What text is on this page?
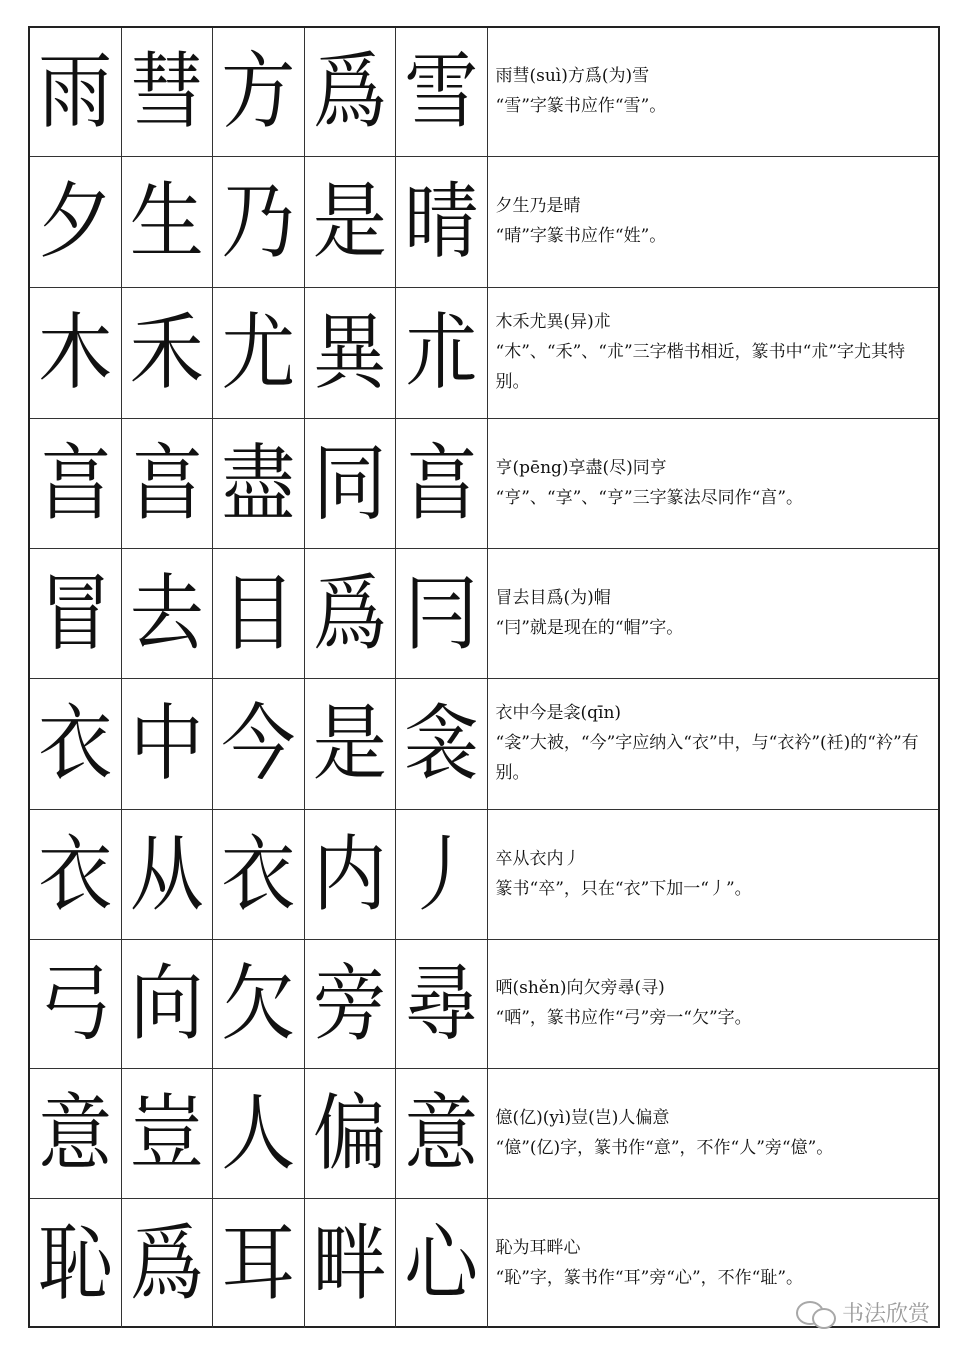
雨 彗 方 爲 雪 雨彗(suì)方爲(为)雪
“雪”字篆书应作“雪”。
夕 生 乃 是 晴 夕生乃是晴
“晴”字篆书应作“姓”。
木 禾 尤 異 朮 木禾尤異(异)朮
“木”、“禾”、“朮”三字楷书相近，篆书中“朮”字尤其特别。
亯 亯 盡 同 亯 亨(pēng)享盡(尽)同亨
“亨”、“享”、“亨”三字篆法尽同作“亯”。
冒 去 目 爲 冃 冒去目爲(为)帽
“冃”就是现在的“帽”字。
衣 中 今 是 衾 衣中今是衾(qīn)
“衾”大被，“今”字应纳入“衣”中，与“衣衿”(衽)的“衿”有别。
衣 从 衣 内 丿 卒从衣内丿
篆书“卒”，只在“衣”下加一“丿”。
弓 向 欠 旁 尋 哂(shěn)向欠旁尋(寻)
“哂”，篆书应作“弓”旁一“欠”字。
意 豈 人 偏 意 億(亿)(yì)豈(岂)人偏意
“億”(亿)字，篆书作“意”，不作“人”旁“億”。
恥 爲 耳 畔 心 恥为耳畔心
“恥”字，篆书作“耳”旁“心”，不作“耻”。
书法欣赏
